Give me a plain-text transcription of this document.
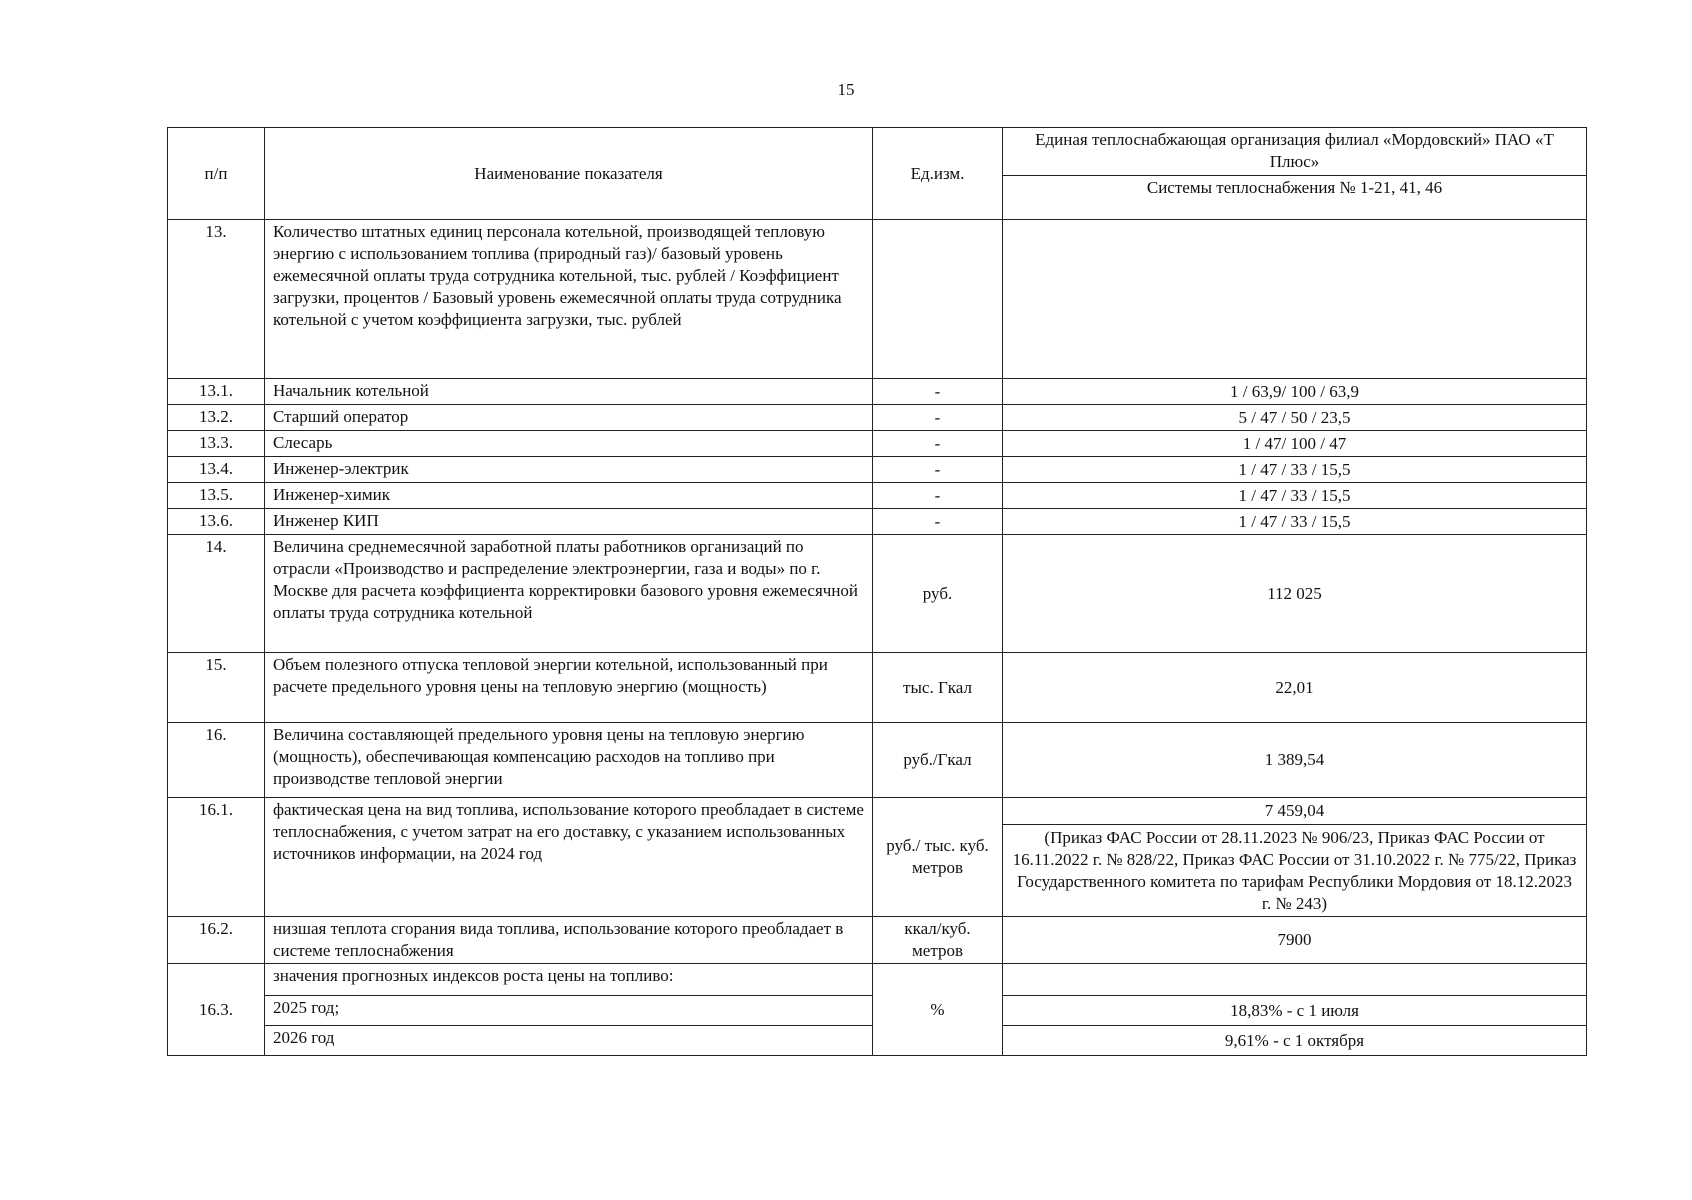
15
п/п	Наименование показателя	Ед.изм.	Единая теплоснабжающая организация филиал «Мордовский» ПАО «Т Плюс»
			Системы теплоснабжения № 1-21, 41, 46
13.	Количество штатных единиц персонала котельной, производящей тепловую энергию с использованием топлива (природный газ)/ базовый уровень ежемесячной оплаты труда сотрудника котельной, тыс. рублей / Коэффициент загрузки, процентов / Базовый уровень ежемесячной оплаты труда сотрудника котельной с учетом коэффициента загрузки, тыс. рублей		
13.1.	Начальник котельной	-	1 / 63,9/ 100 / 63,9
13.2.	Старший оператор	-	5 / 47 / 50 / 23,5
13.3.	Слесарь	-	1 / 47/ 100 / 47
13.4.	Инженер-электрик	-	1 / 47 / 33 / 15,5
13.5.	Инженер-химик	-	1 / 47 / 33 / 15,5
13.6.	Инженер КИП	-	1 / 47 / 33 / 15,5
14.	Величина среднемесячной заработной платы работников организаций по отрасли «Производство и распределение электроэнергии, газа и воды» по г. Москве для расчета коэффициента корректировки базового уровня ежемесячной оплаты труда сотрудника котельной	руб.	112 025
15.	Объем полезного отпуска тепловой энергии котельной, использованный при расчете предельного уровня цены на тепловую энергию (мощность)	тыс. Гкал	22,01
16.	Величина составляющей предельного уровня цены на тепловую энергию (мощность), обеспечивающая компенсацию расходов на топливо при производстве тепловой энергии	руб./Гкал	1 389,54
16.1.	фактическая цена на вид топлива, использование которого преобладает в системе теплоснабжения, с учетом затрат на его доставку, с указанием использованных источников информации, на 2024 год	руб./ тыс. куб. метров	7 459,04
			(Приказ ФАС России от 28.11.2023 № 906/23, Приказ ФАС России от 16.11.2022 г. № 828/22, Приказ ФАС России от 31.10.2022 г. № 775/22, Приказ Государственного комитета по тарифам Республики Мордовия от 18.12.2023 г. № 243)
16.2.	низшая теплота сгорания вида топлива, использование которого преобладает в системе теплоснабжения	ккал/куб. метров	7900
16.3.	значения прогнозных индексов роста цены на топливо:	%	
	2025 год;		18,83% - с 1 июля
	2026 год		9,61% - с 1 октября
